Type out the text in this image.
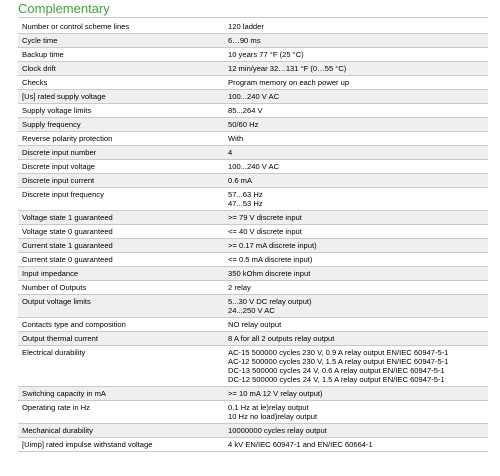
Complementary
Number or control scheme lines	120 ladder

Cycle time	6…90 ms

Backup time	10 years 77 °F (25 °C)

Clock drift	12 min/year 32…131 °F (0…55 °C)

Checks	Program memory on each power up

[Us] rated supply voltage	100...240 V AC

Supply voltage limits	85...264 V

Supply frequency	50/60 Hz

Reverse polarity protection	With

Discrete input number	4

Discrete input voltage	100...240 V AC

Discrete input current	0.6 mA

Discrete input frequency	57...63 Hz
47...53 Hz

Voltage state 1 guaranteed	>= 79 V discrete input

Voltage state 0 guaranteed	<= 40 V discrete input

Current state 1 guaranteed	>= 0.17 mA discrete input)

Current state 0 guaranteed	<= 0.5 mA discrete input)

Input impedance	350 kOhm discrete input

Number of Outputs	2 relay

Output voltage limits	5...30 V DC relay output)
24...250 V AC

Contacts type and composition	NO relay output

Output thermal current	8 A for all 2 outputs relay output

Electrical durability	AC-15 500000 cycles 230 V, 0.9 A relay output EN/IEC 60947-5-1
AC-12 500000 cycles 230 V, 1.5 A relay output EN/IEC 60947-5-1
DC-13 500000 cycles 24 V, 0.6 A relay output EN/IEC 60947-5-1
DC-12 500000 cycles 24 V, 1.5 A relay output EN/IEC 60947-5-1

Switching capacity in mA	>= 10 mA 12 V relay output)

Operating rate in Hz	0.1 Hz at le)relay output
10 Hz no load)relay output

Mechanical durability	10000000 cycles relay output

[Uimp] rated impulse withstand voltage	4 kV EN/IEC 60947-1 and EN/IEC 60664-1
